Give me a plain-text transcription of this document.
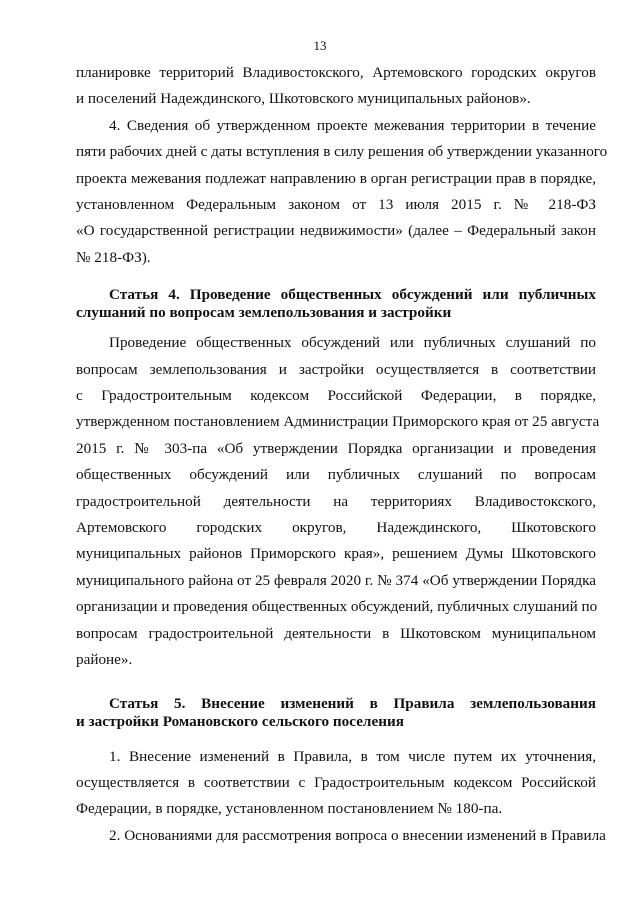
13
планировке территорий Владивостокского, Артемовского городских округов
и поселений Надеждинского, Шкотовского муниципальных районов».
4. Сведения об утвержденном проекте межевания территории в течение
пяти рабочих дней с даты вступления в силу решения об утверждении указанного
проекта межевания подлежат направлению в орган регистрации прав в порядке,
установленном Федеральным законом от 13 июля 2015 г. № 218-ФЗ
«О государственной регистрации недвижимости» (далее – Федеральный закон
№ 218-ФЗ).
Статья 4. Проведение общественных обсуждений или публичных
слушаний по вопросам землепользования и застройки
Проведение общественных обсуждений или публичных слушаний по
вопросам землепользования и застройки осуществляется в соответствии
с Градостроительным кодексом Российской Федерации, в порядке,
утвержденном постановлением Администрации Приморского края от 25 августа
2015 г. № 303-па «Об утверждении Порядка организации и проведения
общественных обсуждений или публичных слушаний по вопросам
градостроительной деятельности на территориях Владивостокского,
Артемовского городских округов, Надеждинского, Шкотовского
муниципальных районов Приморского края», решением Думы Шкотовского
муниципального района от 25 февраля 2020 г. № 374 «Об утверждении Порядка
организации и проведения общественных обсуждений, публичных слушаний по
вопросам градостроительной деятельности в Шкотовском муниципальном
районе».
Статья 5. Внесение изменений в Правила землепользования
и застройки Романовского сельского поселения
1. Внесение изменений в Правила, в том числе путем их уточнения,
осуществляется в соответствии с Градостроительным кодексом Российской
Федерации, в порядке, установленном постановлением № 180-па.
2. Основаниями для рассмотрения вопроса о внесении изменений в Правила
